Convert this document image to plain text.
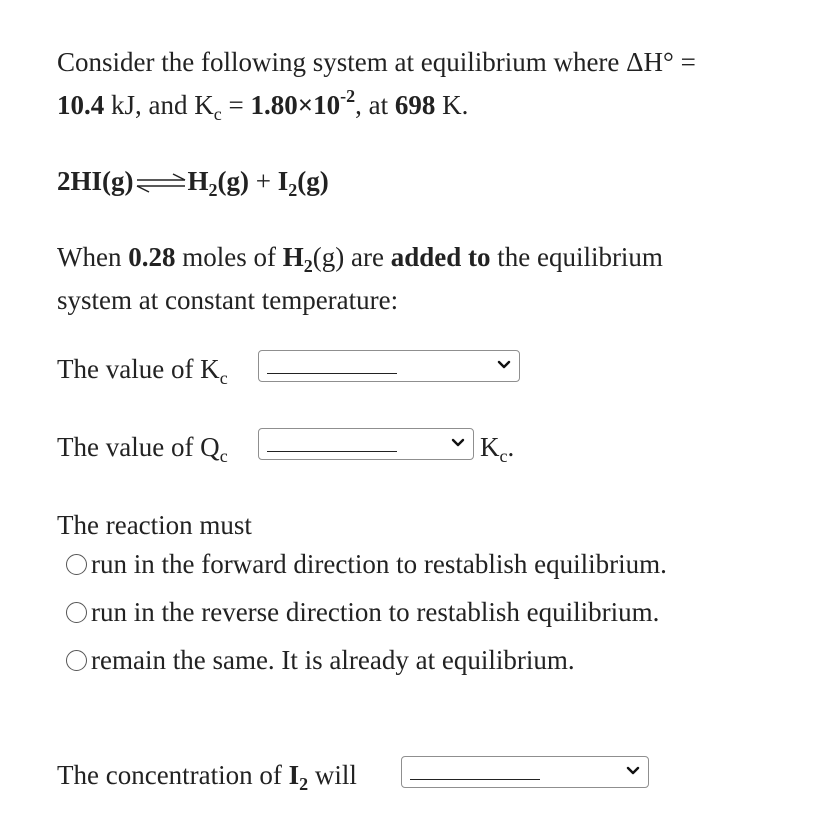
Consider the following system at equilibrium where ΔH° =
10.4 kJ, and $K_c = 1.80\times 10^{-2}$, at 698 K.
$2HI(g)\rightleftharpoons H_2(g) + I_2(g)$
When 0.28 moles of $H_2(g)$ are added to the equilibrium
system at constant temperature:
The value of $K_c$
The value of $Q_c$	$K_c$.
The reaction must
run in the forward direction to restablish equilibrium.
run in the reverse direction to restablish equilibrium.
remain the same. It is already at equilibrium.
The concentration of $I_2$ will
